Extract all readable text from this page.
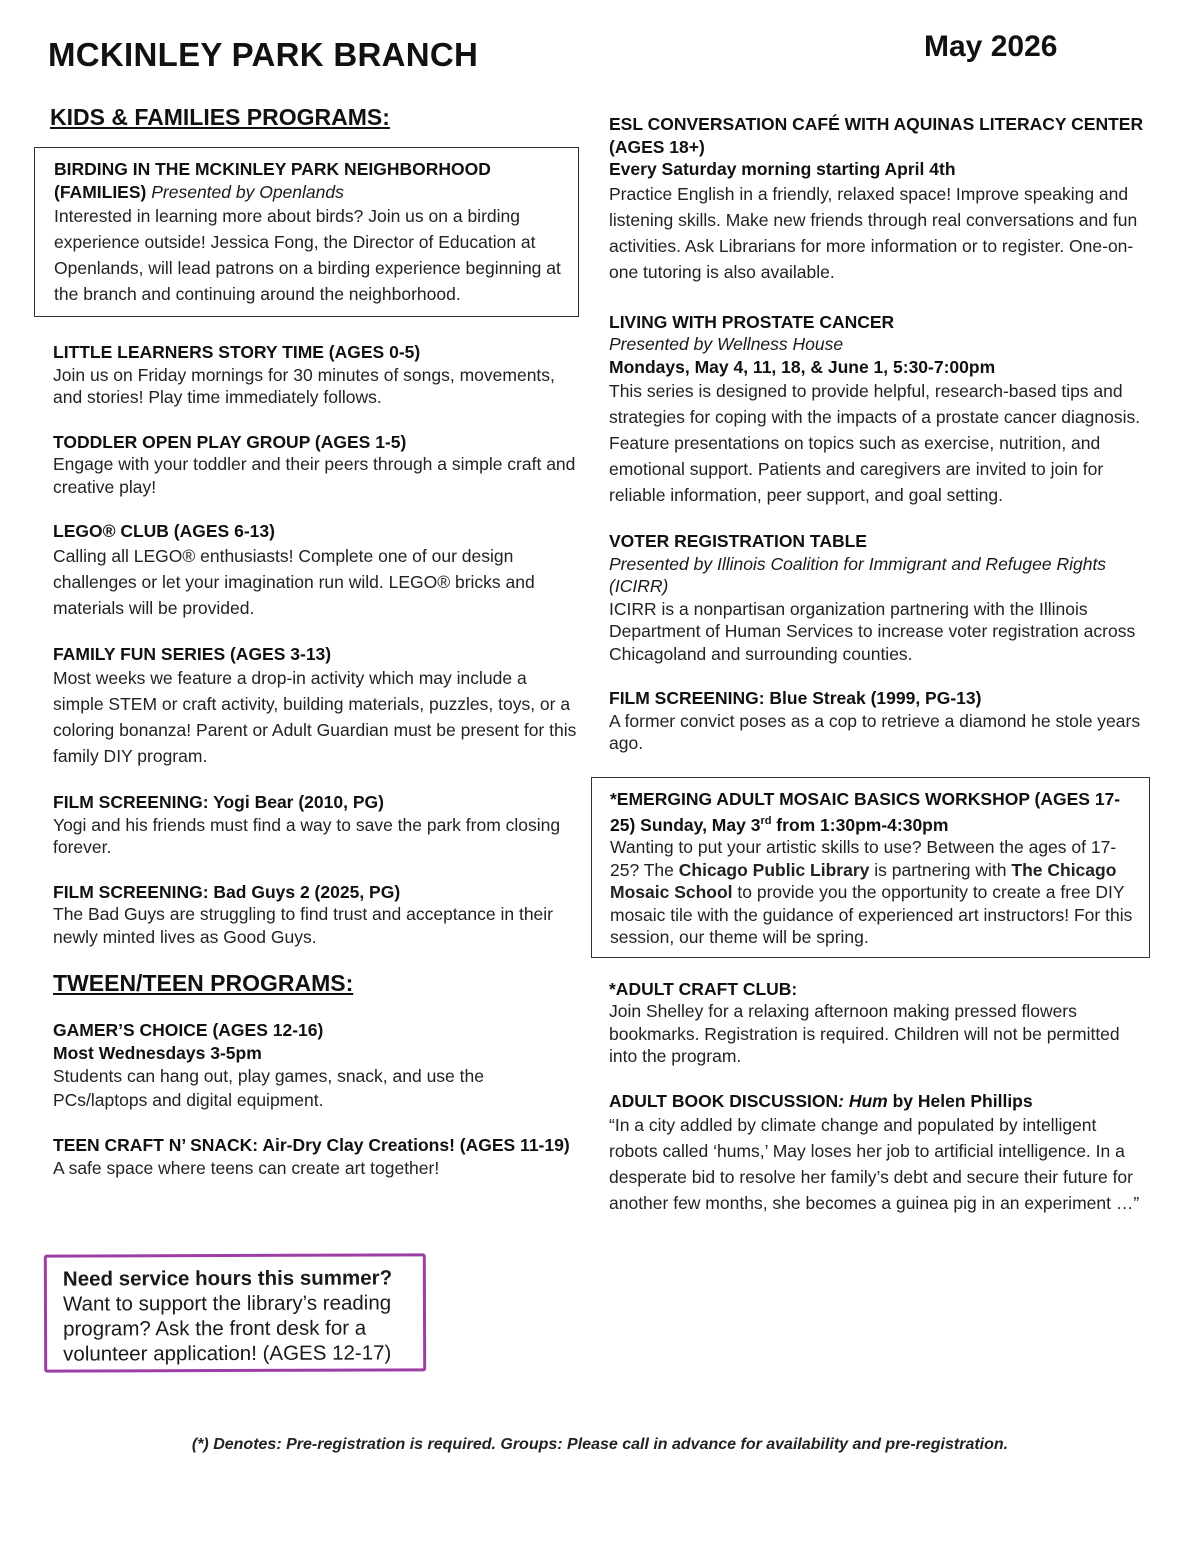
MCKINLEY PARK BRANCH	May 2026
KIDS & FAMILIES PROGRAMS:
BIRDING IN THE MCKINLEY PARK NEIGHBORHOOD (FAMILIES) Presented by Openlands
Interested in learning more about birds? Join us on a birding experience outside! Jessica Fong, the Director of Education at Openlands, will lead patrons on a birding experience beginning at the branch and continuing around the neighborhood.
LITTLE LEARNERS STORY TIME (AGES 0-5)
Join us on Friday mornings for 30 minutes of songs, movements, and stories! Play time immediately follows.
TODDLER OPEN PLAY GROUP (AGES 1-5)
Engage with your toddler and their peers through a simple craft and creative play!
LEGO® CLUB (AGES 6-13)
Calling all LEGO® enthusiasts! Complete one of our design challenges or let your imagination run wild. LEGO® bricks and materials will be provided.
FAMILY FUN SERIES (AGES 3-13)
Most weeks we feature a drop-in activity which may include a simple STEM or craft activity, building materials, puzzles, toys, or a coloring bonanza! Parent or Adult Guardian must be present for this family DIY program.
FILM SCREENING: Yogi Bear (2010, PG)
Yogi and his friends must find a way to save the park from closing forever.
FILM SCREENING: Bad Guys 2 (2025, PG)
The Bad Guys are struggling to find trust and acceptance in their newly minted lives as Good Guys.
TWEEN/TEEN PROGRAMS:
GAMER’S CHOICE (AGES 12-16)
Most Wednesdays 3-5pm
Students can hang out, play games, snack, and use the PCs/laptops and digital equipment.
TEEN CRAFT N’ SNACK: Air-Dry Clay Creations! (AGES 11-19)
A safe space where teens can create art together!
Need service hours this summer?
Want to support the library’s reading program? Ask the front desk for a volunteer application! (AGES 12-17)
ESL CONVERSATION CAFÉ WITH AQUINAS LITERACY CENTER (AGES 18+)
Every Saturday morning starting April 4th
Practice English in a friendly, relaxed space! Improve speaking and listening skills. Make new friends through real conversations and fun activities. Ask Librarians for more information or to register. One-on-one tutoring is also available.
LIVING WITH PROSTATE CANCER
Presented by Wellness House
Mondays, May 4, 11, 18, & June 1, 5:30-7:00pm
This series is designed to provide helpful, research-based tips and strategies for coping with the impacts of a prostate cancer diagnosis. Feature presentations on topics such as exercise, nutrition, and emotional support. Patients and caregivers are invited to join for reliable information, peer support, and goal setting.
VOTER REGISTRATION TABLE
Presented by Illinois Coalition for Immigrant and Refugee Rights (ICIRR)
ICIRR is a nonpartisan organization partnering with the Illinois Department of Human Services to increase voter registration across Chicagoland and surrounding counties.
FILM SCREENING: Blue Streak (1999, PG-13)
A former convict poses as a cop to retrieve a diamond he stole years ago.
*EMERGING ADULT MOSAIC BASICS WORKSHOP (AGES 17-25) Sunday, May 3rd from 1:30pm-4:30pm
Wanting to put your artistic skills to use? Between the ages of 17-25? The Chicago Public Library is partnering with The Chicago Mosaic School to provide you the opportunity to create a free DIY mosaic tile with the guidance of experienced art instructors! For this session, our theme will be spring.
*ADULT CRAFT CLUB:
Join Shelley for a relaxing afternoon making pressed flowers bookmarks. Registration is required. Children will not be permitted into the program.
ADULT BOOK DISCUSSION: Hum by Helen Phillips
“In a city addled by climate change and populated by intelligent robots called ‘hums,’ May loses her job to artificial intelligence. In a desperate bid to resolve her family’s debt and secure their future for another few months, she becomes a guinea pig in an experiment …”
(*) Denotes: Pre-registration is required. Groups: Please call in advance for availability and pre-registration.
